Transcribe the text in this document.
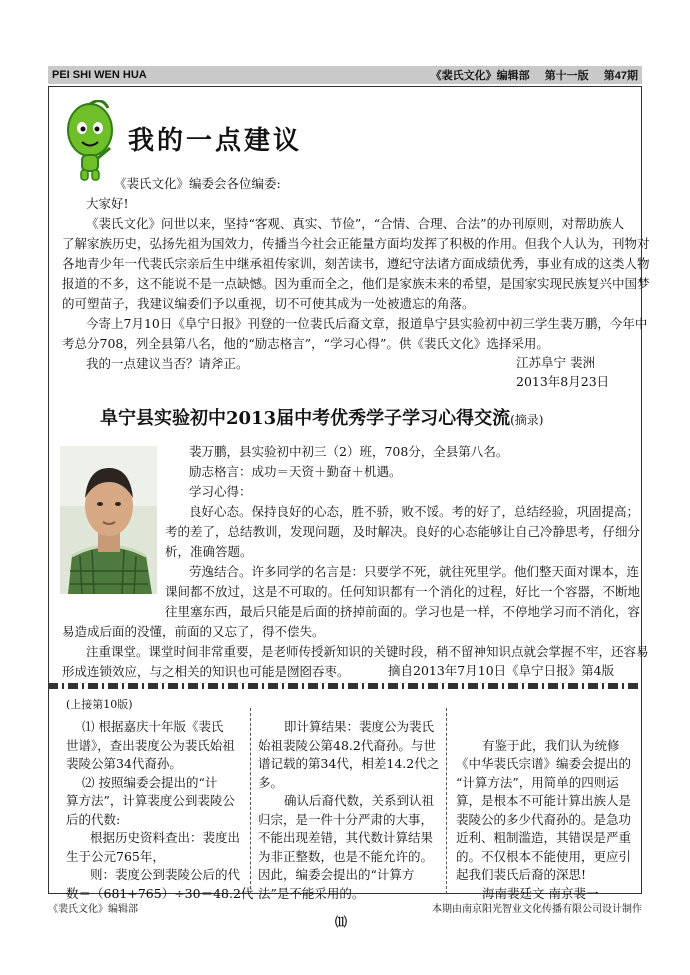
PEI SHI WEN HUA	《裴氏文化》编辑部 第十一版 第47期
我的一点建议
《裴氏文化》编委会各位编委:
大家好!
《裴氏文化》问世以来，坚持“客观、真实、节俭”，“合情、合理、合法”的办刊原则，对帮助族人
了解家族历史，弘扬先祖为国效力，传播当今社会正能量方面均发挥了积极的作用。但我个人认为，刊物对
各地青少年一代裴氏宗亲后生中继承祖传家训，刻苦读书，遵纪守法诸方面成绩优秀，事业有成的这类人物
报道的不多，这不能说不是一点缺憾。因为重而全之，他们是家族未来的希望，是国家实现民族复兴中国梦
的可塑苗子，我建议编委们予以重视，切不可使其成为一处被遗忘的角落。
今寄上7月10日《阜宁日报》刊登的一位裴氏后裔文章，报道阜宁县实验初中初三学生裴万鹏，今年中
考总分708，列全县第八名，他的“励志格言”，“学习心得”。供《裴氏文化》选择采用。
我的一点建议当否？请斧正。	江苏阜宁 裴洲
2013年8月23日
阜宁县实验初中2013届中考优秀学子学习心得交流(摘录)
裴万鹏，县实验初中初三（2）班，708分，全县第八名。
励志格言：成功＝天资＋勤奋＋机遇。
学习心得：
良好心态。保持良好的心态，胜不骄，败不馁。考的好了，总结经验，巩固提高；
考的差了，总结教训，发现问题，及时解决。良好的心态能够让自己冷静思考，仔细分
析，准确答题。
劳逸结合。许多同学的名言是：只要学不死，就往死里学。他们整天面对课本，连
课间都不放过，这是不可取的。任何知识都有一个消化的过程，好比一个容器，不断地
往里塞东西，最后只能是后面的挤掉前面的。学习也是一样，不停地学习而不消化，容
易造成后面的没懂，前面的又忘了，得不偿失。
注重课堂。课堂时间非常重要，是老师传授新知识的关键时段，稍不留神知识点就会掌握不牢，还容易
形成连锁效应，与之相关的知识也可能是囫囵吞枣。	摘自2013年7月10日《阜宁日报》第4版
(上接第10版)
⑴ 根据嘉庆十年版《裴氏
世谱》，查出裴度公为裴氏始祖
裴陵公第34代裔孙。
⑵ 按照编委会提出的“计
算方法”，计算裴度公到裴陵公
后的代数:
根据历史资料查出：裴度出
生于公元765年，
则：裴度公到裴陵公后的代
数＝（681+765）÷30＝48.2代
即计算结果：裴度公为裴氏
始祖裴陵公第48.2代裔孙。与世
谱记载的第34代，相差14.2代之
多。
确认后裔代数，关系到认祖
归宗，是一件十分严肃的大事，
不能出现差错，其代数计算结果
为非正整数，也是不能允许的。
因此，编委会提出的“计算方
法”是不能采用的。

有鉴于此，我们认为统修
《中华裴氏宗谱》编委会提出的
“计算方法”，用简单的四则运
算，是根本不可能计算出族人是
裴陵公的多少代裔孙的。是急功
近利、粗制滥造，其错误是严重
的。不仅根本不能使用，更应引
起我们裴氏后裔的深思!
海南裴廷文 南京裴一
《裴氏文化》编辑部	本期由南京阳光智业文化传播有限公司设计制作
⑾
